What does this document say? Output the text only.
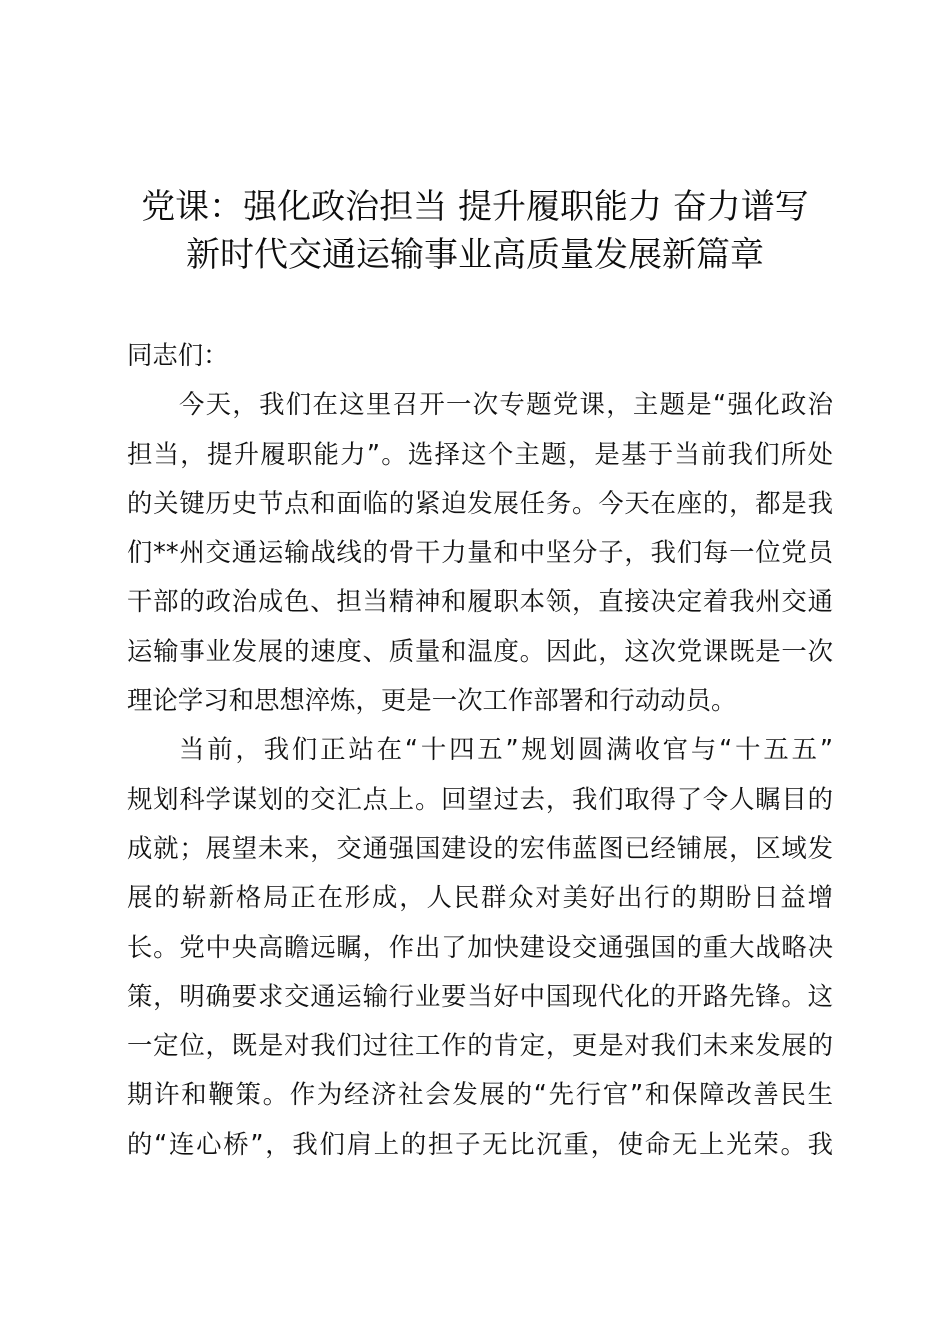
党课：强化政治担当 提升履职能力 奋力谱写
新时代交通运输事业高质量发展新篇章
同志们：

今天，我们在这里召开一次专题党课，主题是“强化政治
担当，提升履职能力”。选择这个主题，是基于当前我们所处
的关键历史节点和面临的紧迫发展任务。今天在座的，都是我
们**州交通运输战线的骨干力量和中坚分子，我们每一位党员
干部的政治成色、担当精神和履职本领，直接决定着我州交通
运输事业发展的速度、质量和温度。因此，这次党课既是一次
理论学习和思想淬炼，更是一次工作部署和行动动员。

当前，我们正站在“十四五”规划圆满收官与“十五五”
规划科学谋划的交汇点上。回望过去，我们取得了令人瞩目的
成就；展望未来，交通强国建设的宏伟蓝图已经铺展，区域发
展的崭新格局正在形成，人民群众对美好出行的期盼日益增
长。党中央高瞻远瞩，作出了加快建设交通强国的重大战略决
策，明确要求交通运输行业要当好中国现代化的开路先锋。这
一定位，既是对我们过往工作的肯定，更是对我们未来发展的
期许和鞭策。作为经济社会发展的“先行官”和保障改善民生
的“连心桥”，我们肩上的担子无比沉重，使命无上光荣。我
